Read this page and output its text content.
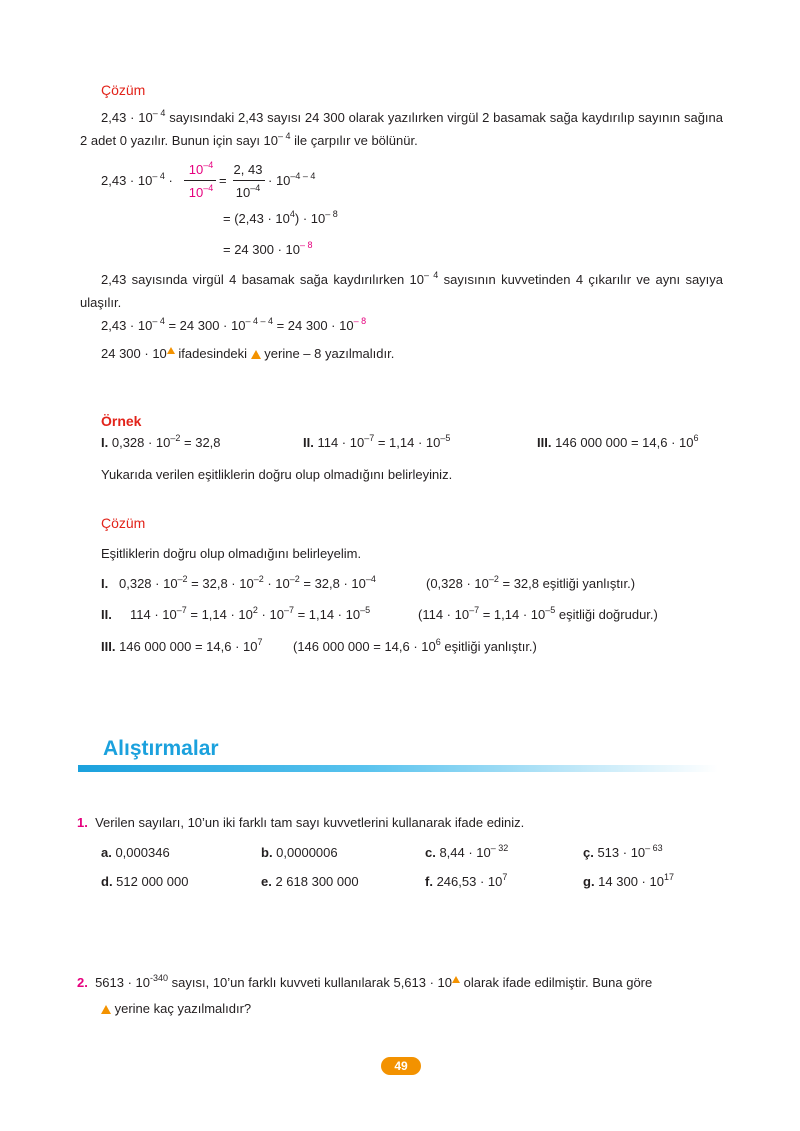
Çözüm
$2,43 \cdot 10^{- 4}$ sayısındaki 2,43 sayısı 24 300 olarak yazılırken virgül 2 basamak sağa kaydırılıp sayının sağına 2 adet 0 yazılır. Bunun için sayı $10^{- 4}$ ile çarpılır ve bölünür.
$2,43 \cdot 10^{- 4}$ ·
$10^{-4}$
$10^{-4}$ =
2, 43
$10^{-4} \cdot 10^{-4 - 4}$
= $(2,43 \cdot 10^4) \cdot 10^{- 8}$
= 24 $300 \cdot 10^{- 8}$
2,43 sayısında virgül 4 basamak sağa kaydırılırken $10^{- 4}$ sayısının kuvvetinden 4 çıkarılır ve aynı sayıya ulaşılır.
$2,43 \cdot 10^{- 4} = 24$ $300 \cdot 10^{- 4 - 4} = 24$ $300 \cdot 10^{- 8}$
24 300 · 10 ifadesindeki  yerine – 8 yazılmalıdır.
Örnek
I. $0,328 \cdot 10^{-2} = 32,8$	II. $114 \cdot 10^{-7} = 1,14 \cdot 10^{-5}$	III. 146 000 $000 = 14,6 \cdot 10^6$
Yukarıda verilen eşitliklerin doğru olup olmadığını belirleyiniz.
Çözüm
Eşitliklerin doğru olup olmadığını belirleyelim.
I. $0,328 \cdot 10^{-2} = 32,8 \cdot 10^{-2} \cdot 10^{-2} = 32,8 \cdot 10^{-4}$	($0,328 \cdot 10^{-2} = 32,8$ eşitliği yanlıştır.)
II. $114 \cdot 10^{-7} = 1,14 \cdot 10^2 \cdot 10^{-7} = 1,14 \cdot 10^{-5}$	($114 \cdot 10^{-7} = 1,14 \cdot 10^{-5}$ eşitliği doğrudur.)
III. 146 000 $000 = 14,6 \cdot 10^7$ (146 000 $000 = 14,6 \cdot 10^6$ eşitliği yanlıştır.)
Alıştırmalar
1. Verilen sayıları, 10’un iki farklı tam sayı kuvvetlerini kullanarak ifade ediniz.
a. 0,000346	b. 0,0000006	c. $8,44 \cdot 10^{- 32}$	ç. $513 \cdot 10^{- 63}$
d. 512 000 000	e. 2 618 300 000	f. $246,53 \cdot 10^7$	g. 14 $300 \cdot 10^{17}$
2. $5613 \cdot 10^{-340}$ sayısı, 10’un farklı kuvveti kullanılarak 5,613 · 10 olarak ifade edilmiştir. Buna göre
yerine kaç yazılmalıdır?
49
